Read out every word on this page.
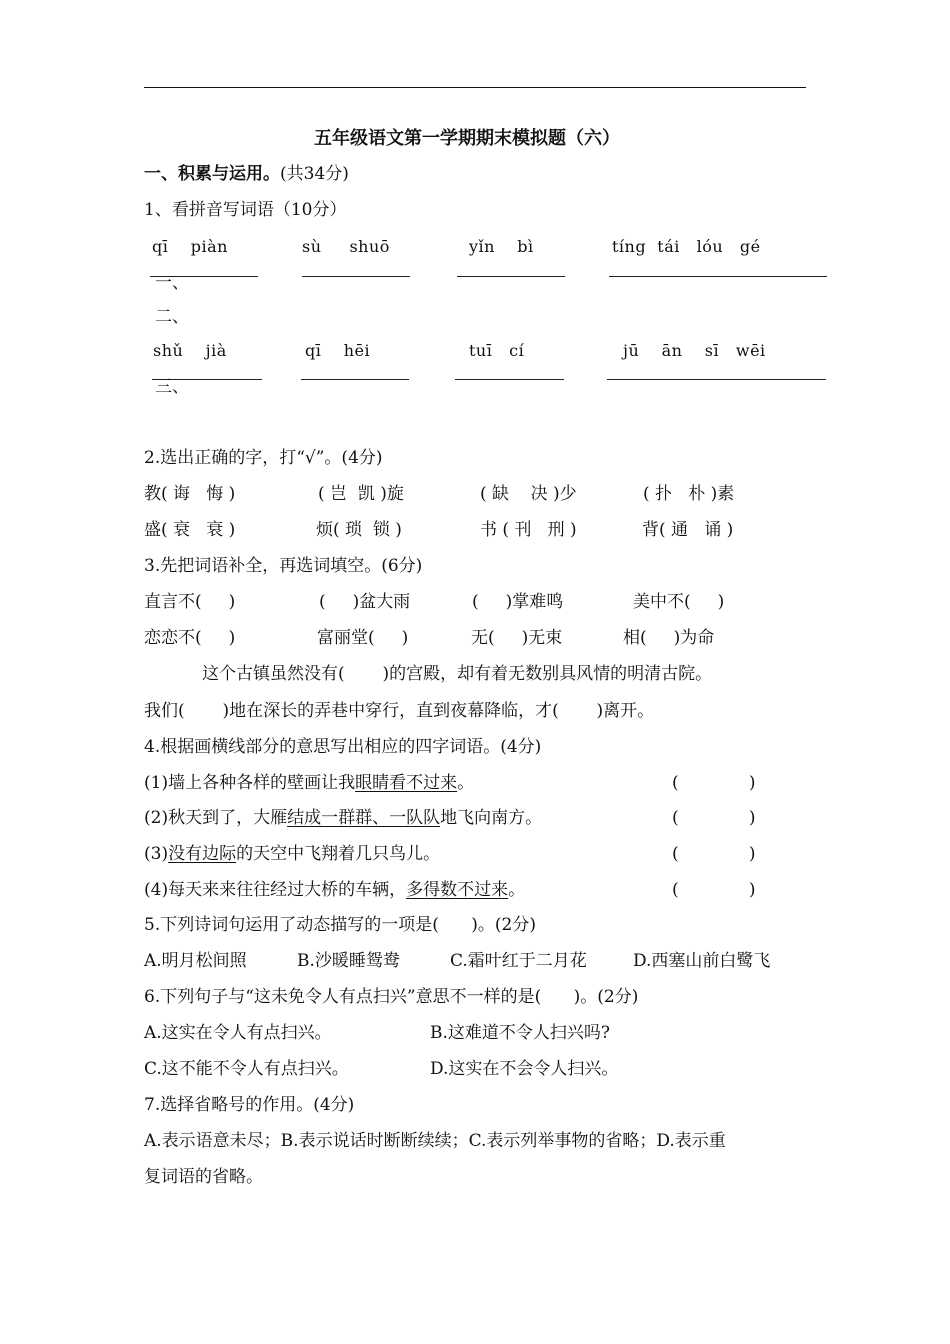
五年级语文第一学期期末模拟题（六）
一、积累与运用。(共34分)
1、看拼音写词语（10分）
qī    piàn	sù     shuō	yǐn    bì	tíng  tái   lóu   gé
一、
二、
shǔ    jià	qī    hēi	tuī   cí	jū    ān    sī   wēi
三、
2.选出正确的字，打“√”。(4分)
教( 诲   悔 )	( 岂  凯 )旋	( 缺    决 )少	( 扑   朴 )素
盛( 衰   衰 )	烦( 琐  锁 )	书 ( 刊   刑 )	背( 通   诵 )
3.先把词语补全，再选词填空。(6分)
直言不(     )	(     )盆大雨	(     )掌难鸣	美中不(     )
恋恋不(     )	富丽堂(     )	无(     )无束	相(     )为命
这个古镇虽然没有(       )的宫殿，却有着无数别具风情的明清古院。
我们(       )地在深长的弄巷中穿行，直到夜幕降临，才(       )离开。
4.根据画横线部分的意思写出相应的四字词语。(4分)
(1)墙上各种各样的壁画让我眼睛看不过来。	(             )
(2)秋天到了，大雁结成一群群、一队队地飞向南方。	(             )
(3)没有边际的天空中飞翔着几只鸟儿。	(             )
(4)每天来来往往经过大桥的车辆，多得数不过来。	(             )
5.下列诗词句运用了动态描写的一项是(      )。(2分)
A.明月松间照	B.沙暖睡鸳鸯	C.霜叶红于二月花	D.西塞山前白鹭飞
6.下列句子与“这未免令人有点扫兴”意思不一样的是(      )。(2分)
A.这实在令人有点扫兴。	B.这难道不令人扫兴吗?
C.这不能不令人有点扫兴。	D.这实在不会令人扫兴。
7.选择省略号的作用。(4分)
A.表示语意未尽；B.表示说话时断断续续；C.表示列举事物的省略；D.表示重
复词语的省略。
